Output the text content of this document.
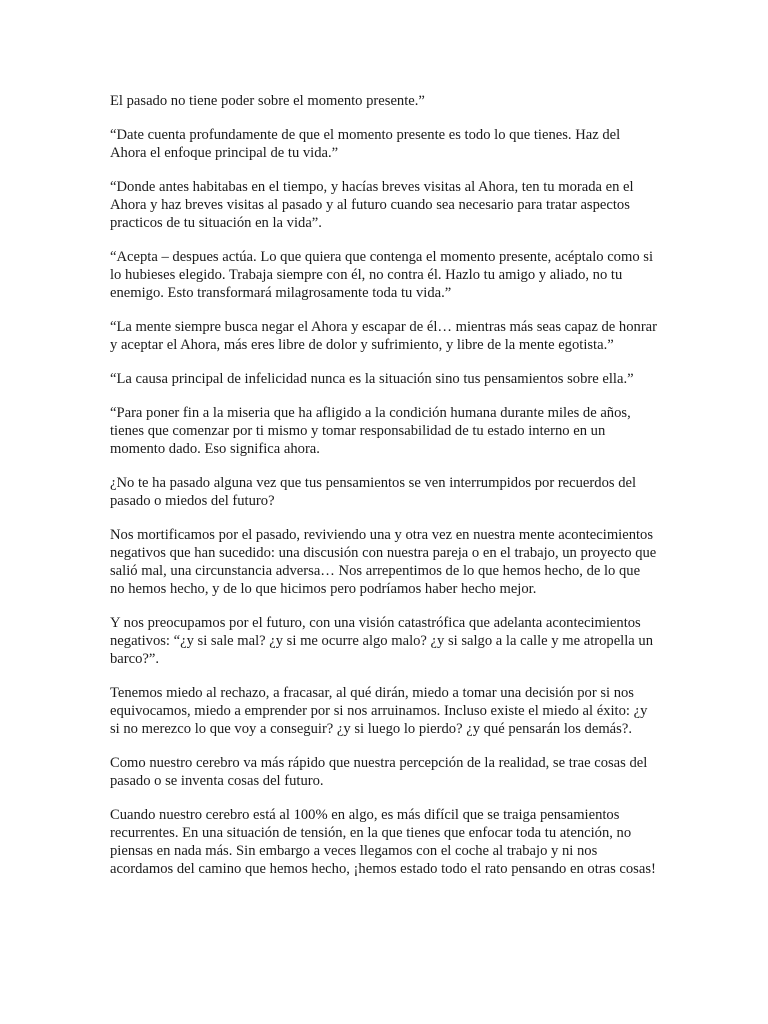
El pasado no tiene poder sobre el momento presente.”

“Date cuenta profundamente de que el momento presente es todo lo que tienes. Haz del Ahora el enfoque principal de tu vida.”

“Donde antes habitabas en el tiempo, y hacías breves visitas al Ahora, ten tu morada en el Ahora y haz breves visitas al pasado y al futuro cuando sea necesario para tratar aspectos practicos de tu situación en la vida”.

“Acepta – despues actúa. Lo que quiera que contenga el momento presente, acéptalo como si lo hubieses elegido. Trabaja siempre con él, no contra él. Hazlo tu amigo y aliado, no tu enemigo. Esto transformará milagrosamente toda tu vida.”

“La mente siempre busca negar el Ahora y escapar de él… mientras más seas capaz de honrar y aceptar el Ahora, más eres libre de dolor y sufrimiento, y libre de la mente egotista.”

“La causa principal de infelicidad nunca es la situación sino tus pensamientos sobre ella.”

“Para poner fin a la miseria que ha afligido a la condición humana durante miles de años, tienes que comenzar por ti mismo y tomar responsabilidad de tu estado interno en un momento dado. Eso significa ahora.

¿No te ha pasado alguna vez que tus pensamientos se ven interrumpidos por recuerdos del pasado o miedos del futuro?

Nos mortificamos por el pasado, reviviendo una y otra vez en nuestra mente acontecimientos negativos que han sucedido: una discusión con nuestra pareja o en el trabajo, un proyecto que salió mal, una circunstancia adversa… Nos arrepentimos de lo que hemos hecho, de lo que no hemos hecho, y de lo que hicimos pero podríamos haber hecho mejor.

Y nos preocupamos por el futuro, con una visión catastrófica que adelanta acontecimientos negativos: “¿y si sale mal? ¿y si me ocurre algo malo? ¿y si salgo a la calle y me atropella un barco?”.

Tenemos miedo al rechazo, a fracasar, al qué dirán, miedo a tomar una decisión por si nos equivocamos, miedo a emprender por si nos arruinamos. Incluso existe el miedo al éxito: ¿y si no merezco lo que voy a conseguir? ¿y si luego lo pierdo? ¿y qué pensarán los demás?.

Como nuestro cerebro va más rápido que nuestra percepción de la realidad, se trae cosas del pasado o se inventa cosas del futuro.

Cuando nuestro cerebro está al 100% en algo, es más difícil que se traiga pensamientos recurrentes. En una situación de tensión, en la que tienes que enfocar toda tu atención, no piensas en nada más. Sin embargo a veces llegamos con el coche al trabajo y ni nos acordamos del camino que hemos hecho, ¡hemos estado todo el rato pensando en otras cosas!
